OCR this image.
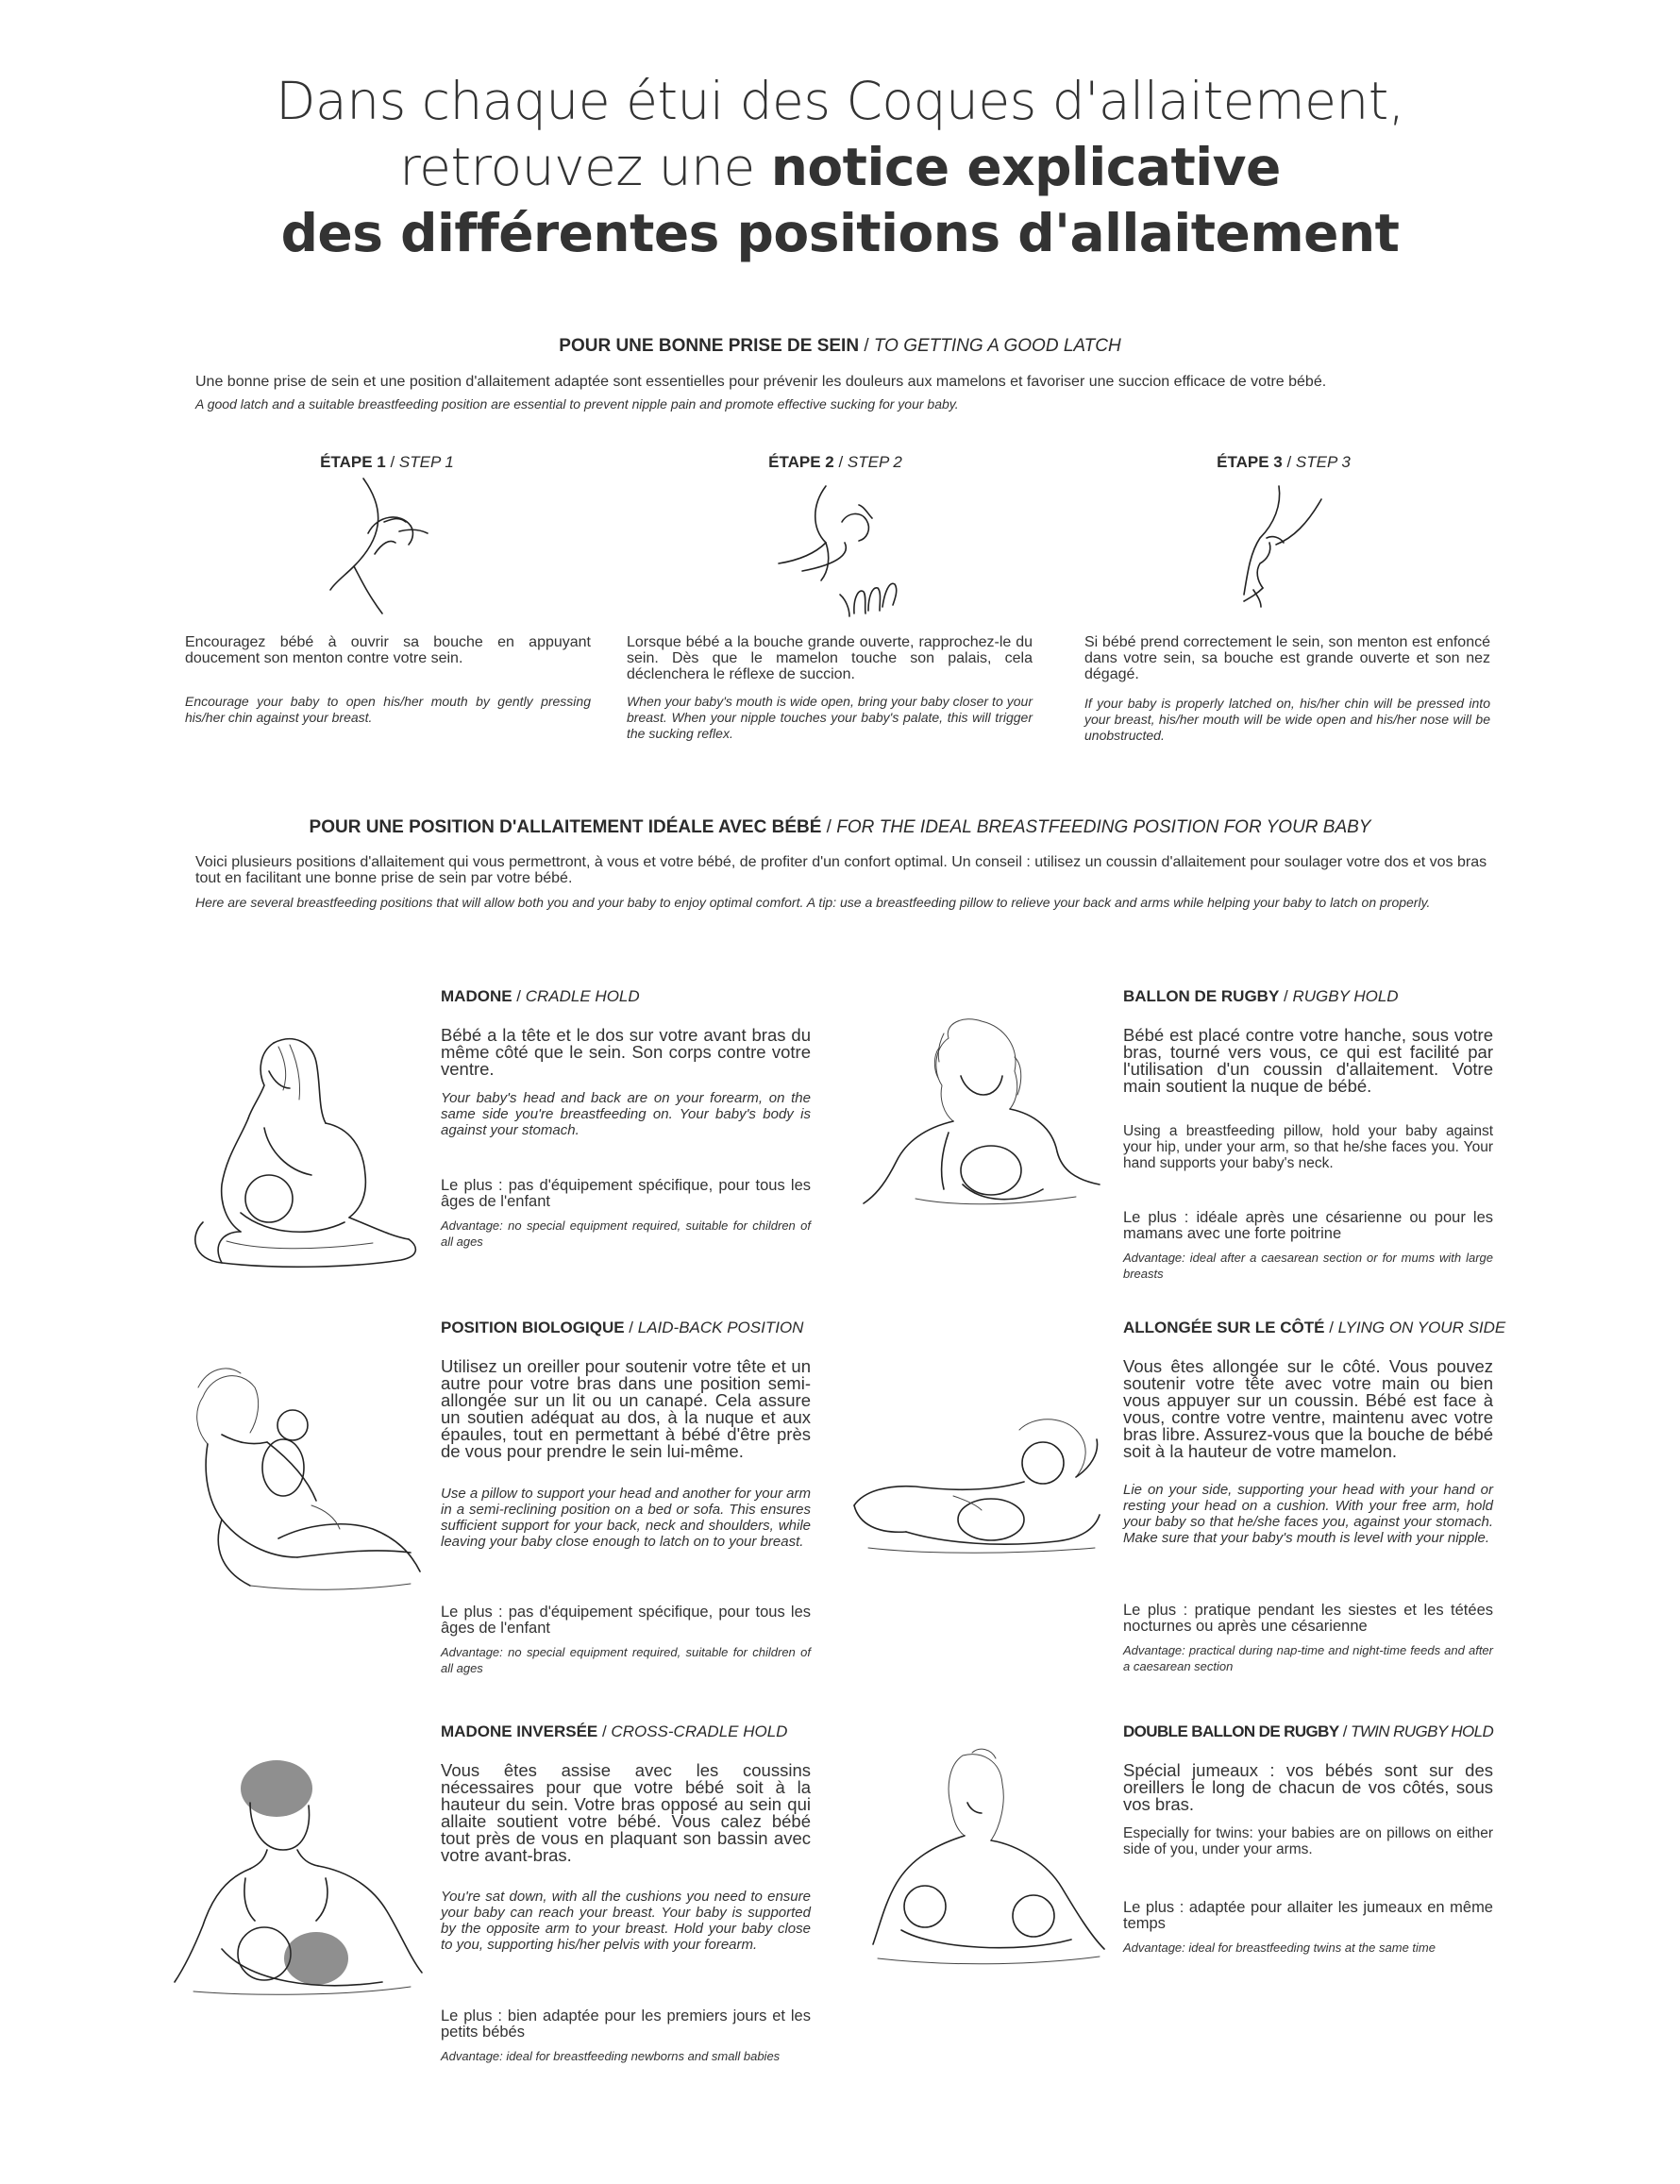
Dans chaque étui des Coques d'allaitement,
retrouvez une notice explicative
des différentes positions d'allaitement
POUR UNE BONNE PRISE DE SEIN / TO GETTING A GOOD LATCH
Une bonne prise de sein et une position d'allaitement adaptée sont essentielles pour prévenir les douleurs aux mamelons et favoriser une succion efficace de votre bébé.
A good latch and a suitable breastfeeding position are essential to prevent nipple pain and promote effective sucking for your baby.
ÉTAPE 1 / STEP 1
Encouragez bébé à ouvrir sa bouche en appuyant doucement son menton contre votre sein.
Encourage your baby to open his/her mouth by gently pressing his/her chin against your breast.
ÉTAPE 2 / STEP 2
Lorsque bébé a la bouche grande ouverte, rapprochez-le du sein. Dès que le mamelon touche son palais, cela déclenchera le réflexe de succion.
When your baby's mouth is wide open, bring your baby closer to your breast. When your nipple touches your baby's palate, this will trigger the sucking reflex.
ÉTAPE 3 / STEP 3
Si bébé prend correctement le sein, son menton est enfoncé dans votre sein, sa bouche est grande ouverte et son nez dégagé.
If your baby is properly latched on, his/her chin will be pressed into your breast, his/her mouth will be wide open and his/her nose will be unobstructed.
POUR UNE POSITION D'ALLAITEMENT IDÉALE AVEC BÉBÉ / FOR THE IDEAL BREASTFEEDING POSITION FOR YOUR BABY
Voici plusieurs positions d'allaitement qui vous permettront, à vous et votre bébé, de profiter d'un confort optimal. Un conseil : utilisez un coussin d'allaitement pour soulager votre dos et vos bras tout en facilitant une bonne prise de sein par votre bébé.
Here are several breastfeeding positions that will allow both you and your baby to enjoy optimal comfort. A tip: use a breastfeeding pillow to relieve your back and arms while helping your baby to latch on properly.
MADONE / CRADLE HOLD
Bébé a la tête et le dos sur votre avant bras du même côté que le sein. Son corps contre votre ventre.
Your baby's head and back are on your forearm, on the same side you're breastfeeding on. Your baby's body is against your stomach.
Le plus : pas d'équipement spécifique, pour tous les âges de l'enfant
Advantage: no special equipment required, suitable for children of all ages
BALLON DE RUGBY / RUGBY HOLD
Bébé est placé contre votre hanche, sous votre bras, tourné vers vous, ce qui est facilité par l'utilisation d'un coussin d'allaitement. Votre main soutient la nuque de bébé.
Using a breastfeeding pillow, hold your baby against your hip, under your arm, so that he/she faces you. Your hand supports your baby's neck.
Le plus : idéale après une césarienne ou pour les mamans avec une forte poitrine
Advantage: ideal after a caesarean section or for mums with large breasts
POSITION BIOLOGIQUE / LAID-BACK POSITION
Utilisez un oreiller pour soutenir votre tête et un autre pour votre bras dans une position semi-allongée sur un lit ou un canapé. Cela assure un soutien adéquat au dos, à la nuque et aux épaules, tout en permettant à bébé d'être près de vous pour prendre le sein lui-même.
Use a pillow to support your head and another for your arm in a semi-reclining position on a bed or sofa. This ensures sufficient support for your back, neck and shoulders, while leaving your baby close enough to latch on to your breast.
Le plus : pas d'équipement spécifique, pour tous les âges de l'enfant
Advantage: no special equipment required, suitable for children of all ages
ALLONGÉE SUR LE CÔTÉ / LYING ON YOUR SIDE
Vous êtes allongée sur le côté. Vous pouvez soutenir votre tête avec votre main ou bien vous appuyer sur un coussin. Bébé est face à vous, contre votre ventre, maintenu avec votre bras libre. Assurez-vous que la bouche de bébé soit à la hauteur de votre mamelon.
Lie on your side, supporting your head with your hand or resting your head on a cushion. With your free arm, hold your baby so that he/she faces you, against your stomach. Make sure that your baby's mouth is level with your nipple.
Le plus : pratique pendant les siestes et les tétées nocturnes ou après une césarienne
Advantage: practical during nap-time and night-time feeds and after a caesarean section
MADONE INVERSÉE / CROSS-CRADLE HOLD
Vous êtes assise avec les coussins nécessaires pour que votre bébé soit à la hauteur du sein. Votre bras opposé au sein qui allaite soutient votre bébé. Vous calez bébé tout près de vous en plaquant son bassin avec votre avant-bras.
You're sat down, with all the cushions you need to ensure your baby can reach your breast. Your baby is supported by the opposite arm to your breast. Hold your baby close to you, supporting his/her pelvis with your forearm.
Le plus : bien adaptée pour les premiers jours et les petits bébés
Advantage: ideal for breastfeeding newborns and small babies
DOUBLE BALLON DE RUGBY / TWIN RUGBY HOLD
Spécial jumeaux : vos bébés sont sur des oreillers le long de chacun de vos côtés, sous vos bras.
Especially for twins: your babies are on pillows on either side of you, under your arms.
Le plus : adaptée pour allaiter les jumeaux en même temps
Advantage: ideal for breastfeeding twins at the same time
